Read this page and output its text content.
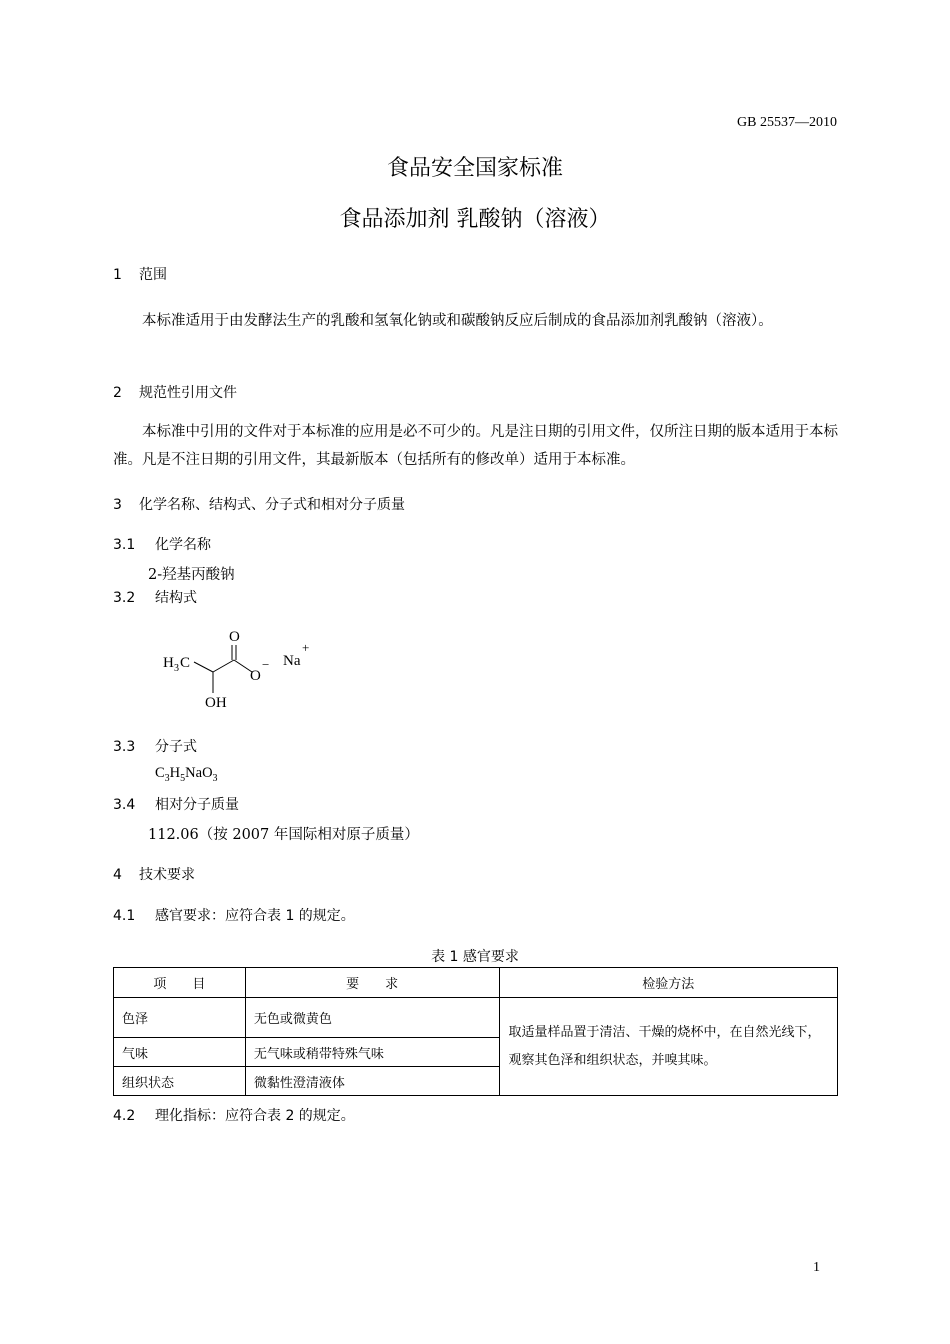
GB 25537—2010

食品安全国家标准

食品添加剂 乳酸钠（溶液）

1 范围

本标准适用于由发酵法生产的乳酸和氢氧化钠或和碳酸钠反应后制成的食品添加剂乳酸钠（溶液）。

2 规范性引用文件

本标准中引用的文件对于本标准的应用是必不可少的。凡是注日期的引用文件，仅所注日期的版本适用于本标准。凡是不注日期的引用文件，其最新版本（包括所有的修改单）适用于本标准。

3 化学名称、结构式、分子式和相对分子质量

3.1 化学名称

2-羟基丙酸钠

3.2 结构式

H 3 C
O
O
−
OH
Na
+

3.3 分子式

$C_3H_5NaO_3$

3.4 相对分子质量

112.06（按 2007 年国际相对原子质量）

4 技术要求

4.1 感官要求：应符合表 1 的规定。

表 1 感官要求

项　　目	要　　求	检验方法
色泽	无色或微黄色	取适量样品置于清洁、干燥的烧杯中，在自然光线下，观察其色泽和组织状态，并嗅其味。
气味	无气味或稍带特殊气味	
组织状态	微黏性澄清液体	

4.2 理化指标：应符合表 2 的规定。

1
